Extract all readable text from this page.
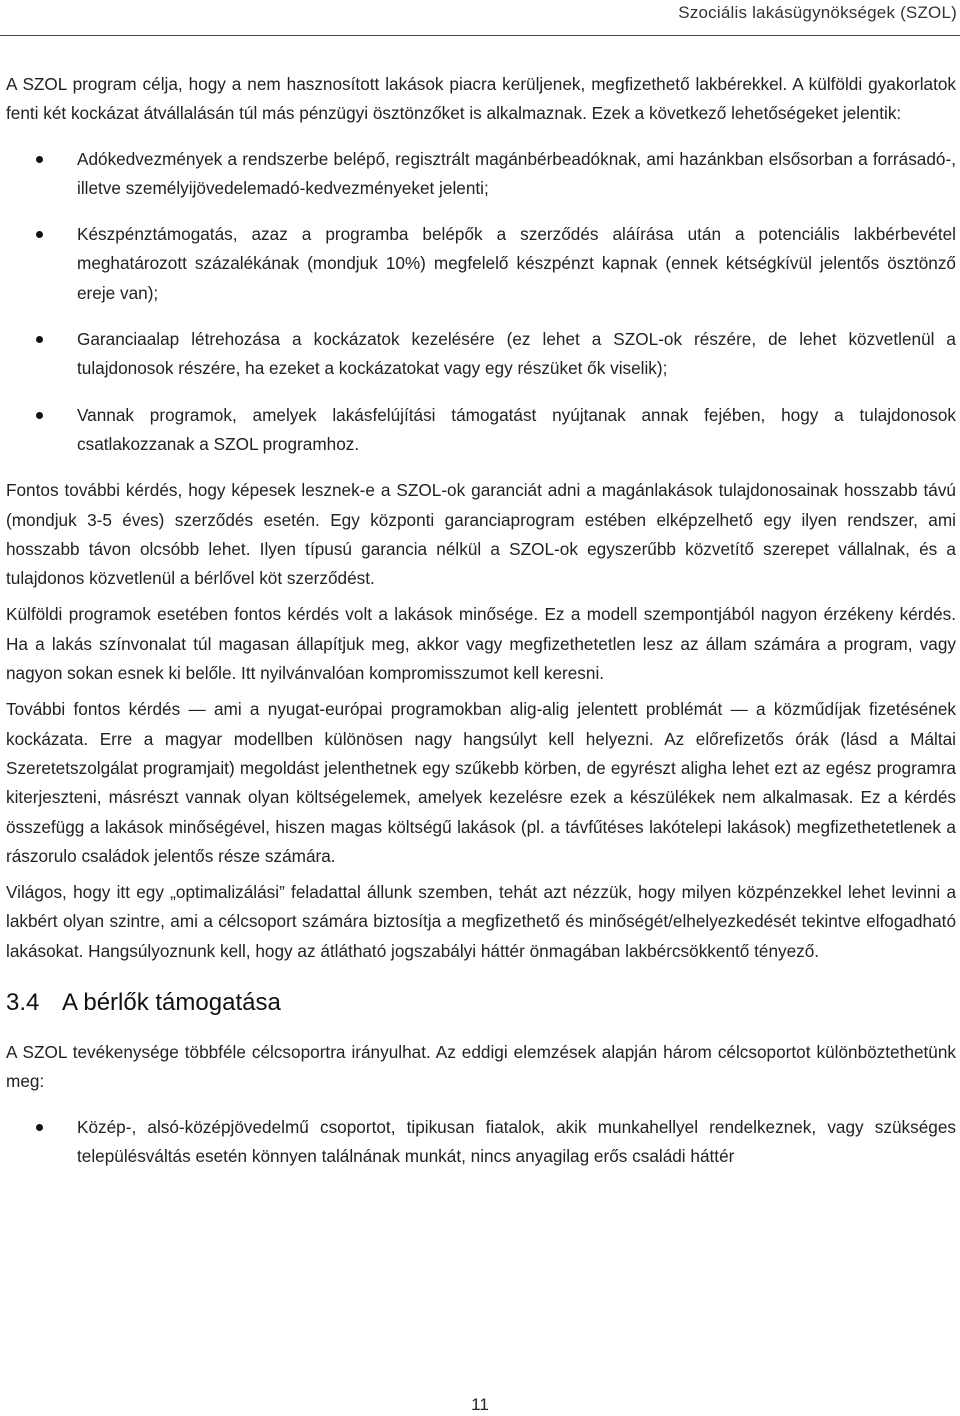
Szociális lakásügynökségek (SZOL)

A SZOL program célja, hogy a nem hasznosított lakások piacra kerüljenek, megfizethető lakbérekkel. A külföldi gyakorlatok fenti két kockázat átvállalásán túl más pénzügyi ösztönzőket is alkalmaznak. Ezek a következő lehetőségeket jelentik:

Adókedvezmények a rendszerbe belépő, regisztrált magánbérbeadóknak, ami hazánkban elsősorban a forrásadó-, illetve személyijövedelemadó-kedvezményeket jelenti;
Készpénztámogatás, azaz a programba belépők a szerződés aláírása után a potenciális lakbérbevétel meghatározott százalékának (mondjuk 10%) megfelelő készpénzt kapnak (ennek kétségkívül jelentős ösztönző ereje van);
Garanciaalap létrehozása a kockázatok kezelésére (ez lehet a SZOL-ok részére, de lehet közvetlenül a tulajdonosok részére, ha ezeket a kockázatokat vagy egy részüket ők viselik);
Vannak programok, amelyek lakásfelújítási támogatást nyújtanak annak fejében, hogy a tulajdonosok csatlakozzanak a SZOL programhoz.

Fontos további kérdés, hogy képesek lesznek-e a SZOL-ok garanciát adni a magánlakások tulajdonosainak hosszabb távú (mondjuk 3-5 éves) szerződés esetén. Egy központi garanciaprogram estében elképzelhető egy ilyen rendszer, ami hosszabb távon olcsóbb lehet. Ilyen típusú garancia nélkül a SZOL-ok egyszerűbb közvetítő szerepet vállalnak, és a tulajdonos közvetlenül a bérlővel köt szerződést.

Külföldi programok esetében fontos kérdés volt a lakások minősége. Ez a modell szempontjából nagyon érzékeny kérdés. Ha a lakás színvonalat túl magasan állapítjuk meg, akkor vagy megfizethetetlen lesz az állam számára a program, vagy nagyon sokan esnek ki belőle. Itt nyilvánvalóan kompromisszumot kell keresni.

További fontos kérdés — ami a nyugat-európai programokban alig-alig jelentett problémát — a közműdíjak fizetésének kockázata. Erre a magyar modellben különösen nagy hangsúlyt kell helyezni. Az előrefizetős órák (lásd a Máltai Szeretetszolgálat programjait) megoldást jelenthetnek egy szűkebb körben, de egyrészt aligha lehet ezt az egész programra kiterjeszteni, másrészt vannak olyan költségelemek, amelyek kezelésre ezek a készülékek nem alkalmasak. Ez a kérdés összefügg a lakások minőségével, hiszen magas költségű lakások (pl. a távfűtéses lakótelepi lakások) megfizethetetlenek a rászorulo családok jelentős része számára.

Világos, hogy itt egy „optimalizálási” feladattal állunk szemben, tehát azt nézzük, hogy milyen közpénzekkel lehet levinni a lakbért olyan szintre, ami a célcsoport számára biztosítja a megfizethető és minőségét/elhelyezkedését tekintve elfogadható lakásokat. Hangsúlyoznunk kell, hogy az átlátható jogszabályi háttér önmagában lakbércsökkentő tényező.

3.4 A bérlők támogatása

A SZOL tevékenysége többféle célcsoportra irányulhat. Az eddigi elemzések alapján három célcsoportot különböztethetünk meg:

Közép-, alsó-középjövedelmű csoportot, tipikusan fiatalok, akik munkahellyel rendelkeznek, vagy szükséges településváltás esetén könnyen találnának munkát, nincs anyagilag erős családi háttér
11
